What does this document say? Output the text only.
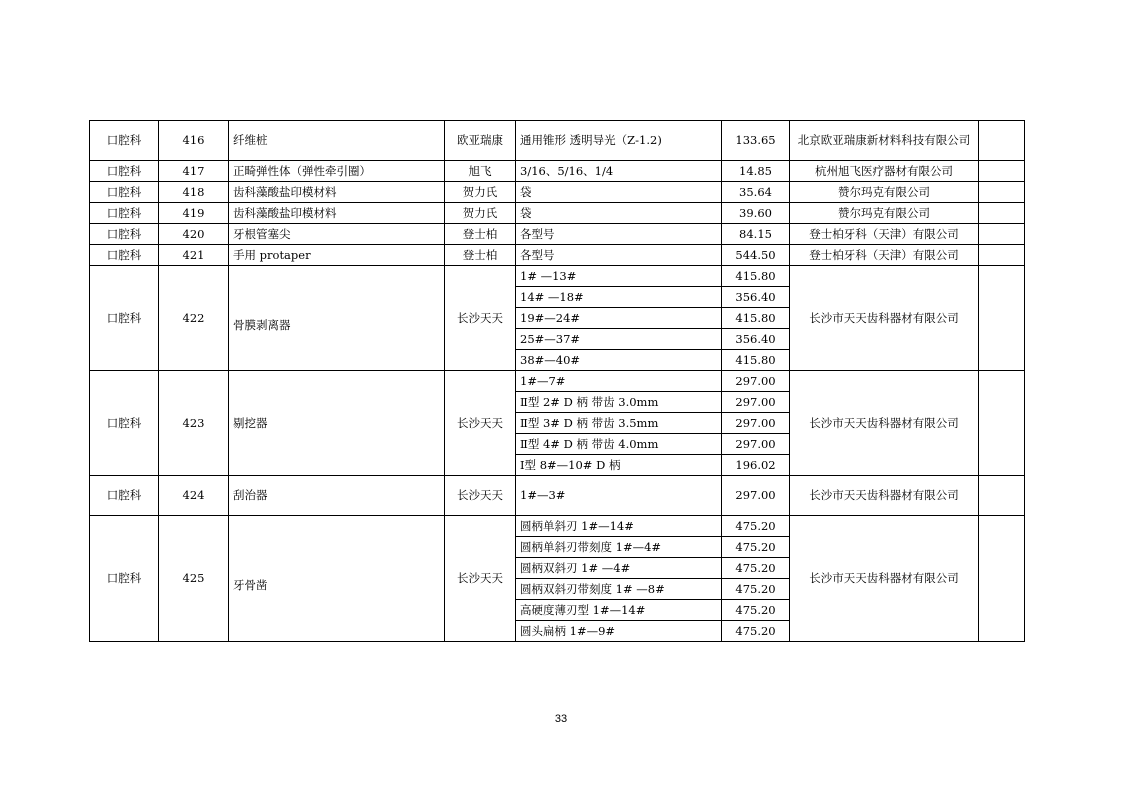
口腔科	416	纤维桩	欧亚瑞康	通用锥形 透明导光（Z-1.2)	133.65	北京欧亚瑞康新材料科技有限公司	
口腔科	417	正畸弹性体（弹性牵引圈）	旭飞	3/16、5/16、1/4	14.85	杭州旭飞医疗器材有限公司	
口腔科	418	齿科藻酸盐印模材料	贺力氏	袋	35.64	赞尔玛克有限公司	
口腔科	419	齿科藻酸盐印模材料	贺力氏	袋	39.60	赞尔玛克有限公司	
口腔科	420	牙根管塞尖	登士柏	各型号	84.15	登士柏牙科（天津）有限公司	
口腔科	421	手用 protaper	登士柏	各型号	544.50	登士柏牙科（天津）有限公司	
口腔科	422	骨膜剥离器	长沙天天	1# —13#	415.80	长沙市天天齿科器材有限公司	
				14# —18#	356.40		
				19#—24#	415.80		
				25#—37#	356.40		
				38#—40#	415.80		
口腔科	423	剔挖器	长沙天天	1#—7#	297.00	长沙市天天齿科器材有限公司	
				Ⅱ型 2# D 柄 带齿 3.0mm	297.00		
				Ⅱ型 3# D 柄 带齿 3.5mm	297.00		
				Ⅱ型 4# D 柄 带齿 4.0mm	297.00		
				Ⅰ型 8#—10# D 柄	196.02		
口腔科	424	刮治器	长沙天天	1#—3#	297.00	长沙市天天齿科器材有限公司	
口腔科	425	牙骨凿	长沙天天	圆柄单斜刃 1#—14#	475.20	长沙市天天齿科器材有限公司	
				圆柄单斜刃带刻度 1#—4#	475.20		
				圆柄双斜刃 1# —4#	475.20		
				圆柄双斜刃带刻度 1# —8#	475.20		
				高硬度薄刃型 1#—14#	475.20		
				圆头扁柄 1#—9#	475.20		
33
